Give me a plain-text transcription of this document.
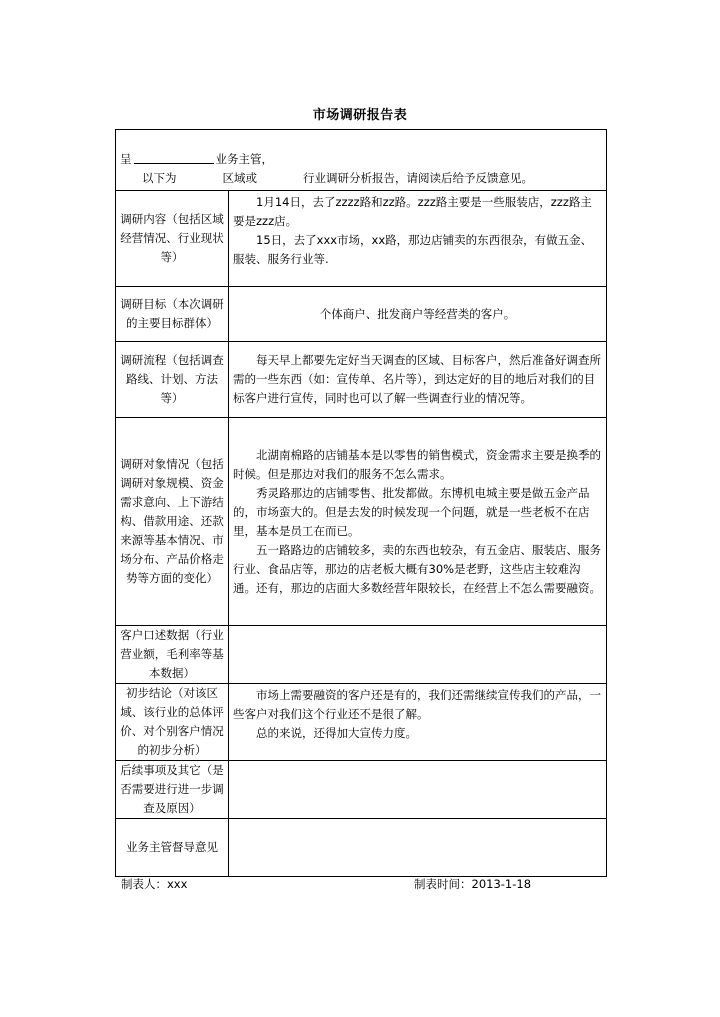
市场调研报告表
呈 业务主管，
以下为　　　　区域或　　　　行业调研分析报告，请阅读后给予反馈意见。	

调研内容（包括区域经营情况、行业现状等）	1月14日，去了zzzz路和zz路。zzz路主要是一些服装店，zzz路主要是zzz店。

15日，去了xxx市场，xx路，那边店铺卖的东西很杂，有做五金、服装、服务行业等.

调研目标（本次调研的主要目标群体）	个体商户、批发商户等经营类的客户。

调研流程（包括调查路线、计划、方法等）	每天早上都要先定好当天调查的区域、目标客户，然后准备好调查所需的一些东西（如：宣传单、名片等），到达定好的目的地后对我们的目标客户进行宣传，同时也可以了解一些调查行业的情况等。

调研对象情况（包括调研对象规模、资金需求意向、上下游结构、借款用途、还款来源等基本情况、市场分布、产品价格走势等方面的变化）	北湖南棉路的店铺基本是以零售的销售模式，资金需求主要是换季的时候。但是那边对我们的服务不怎么需求。

秀灵路那边的店铺零售、批发都做。东博机电城主要是做五金产品的，市场蛮大的。但是去发的时候发现一个问题，就是一些老板不在店里，基本是员工在而已。

五一路路边的店铺较多，卖的东西也较杂，有五金店、服装店、服务行业、食品店等，那边的店老板大概有30%是老野，这些店主较难沟通。还有，那边的店面大多数经营年限较长，在经营上不怎么需要融资。

客户口述数据（行业营业额，毛利率等基本数据）	
初步结论（对该区域、该行业的总体评价、对个别客户情况的初步分析）	市场上需要融资的客户还是有的，我们还需继续宣传我们的产品，一些客户对我们这个行业还不是很了解。

总的来说，还得加大宣传力度。

后续事项及其它（是否需要进行进一步调查及原因）	
业务主管督导意见	
制表人：xxx	制表时间：2013-1-18
